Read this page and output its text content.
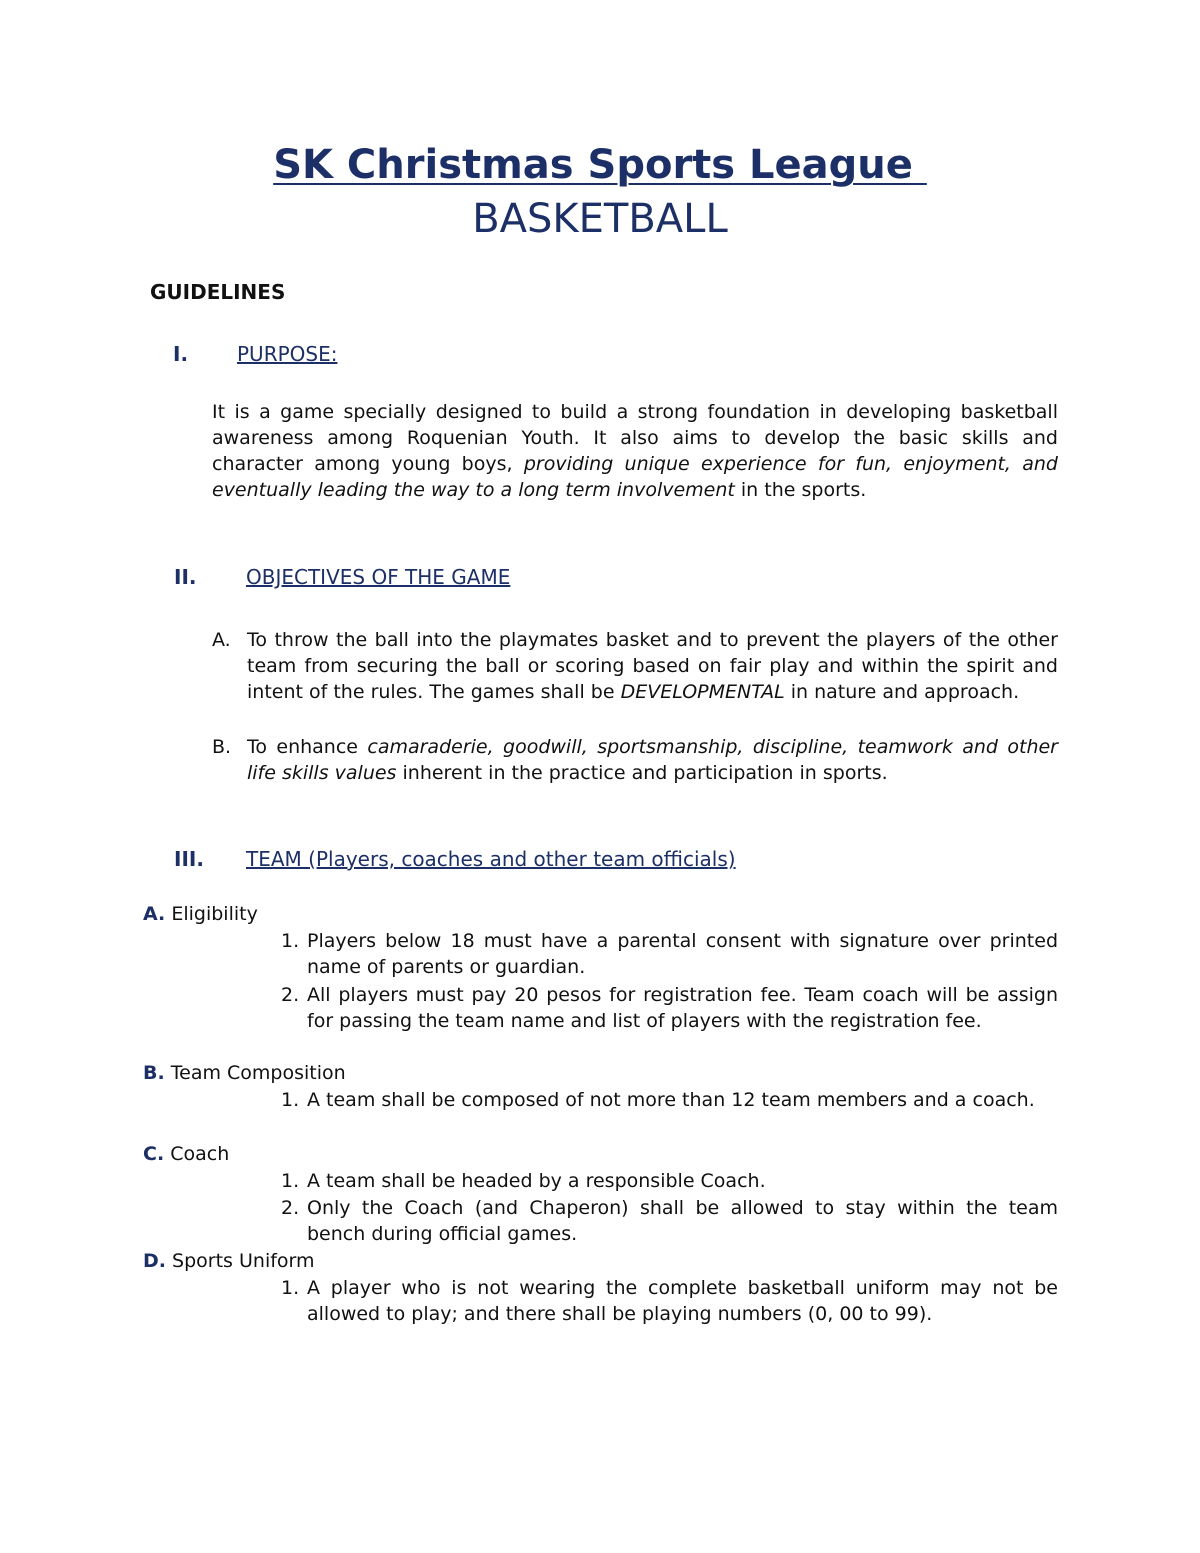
SK Christmas Sports League
BASKETBALL
GUIDELINES
I. PURPOSE:
It is a game specially designed to build a strong foundation in developing basketball awareness among Roquenian Youth. It also aims to develop the basic skills and character among young boys, providing unique experience for fun, enjoyment, and eventually leading the way to a long term involvement in the sports.
II. OBJECTIVES OF THE GAME
A. To throw the ball into the playmates basket and to prevent the players of the other team from securing the ball or scoring based on fair play and within the spirit and intent of the rules. The games shall be DEVELOPMENTAL in nature and approach.
B. To enhance camaraderie, goodwill, sportsmanship, discipline, teamwork and other life skills values inherent in the practice and participation in sports.
III. TEAM (Players, coaches and other team officials)
A. Eligibility
1. Players below 18 must have a parental consent with signature over printed name of parents or guardian.
2. All players must pay 20 pesos for registration fee. Team coach will be assign for passing the team name and list of players with the registration fee.
B. Team Composition
1. A team shall be composed of not more than 12 team members and a coach.
C. Coach
1. A team shall be headed by a responsible Coach.
2. Only the Coach (and Chaperon) shall be allowed to stay within the team bench during official games.
D. Sports Uniform
1. A player who is not wearing the complete basketball uniform may not be allowed to play; and there shall be playing numbers (0, 00 to 99).
